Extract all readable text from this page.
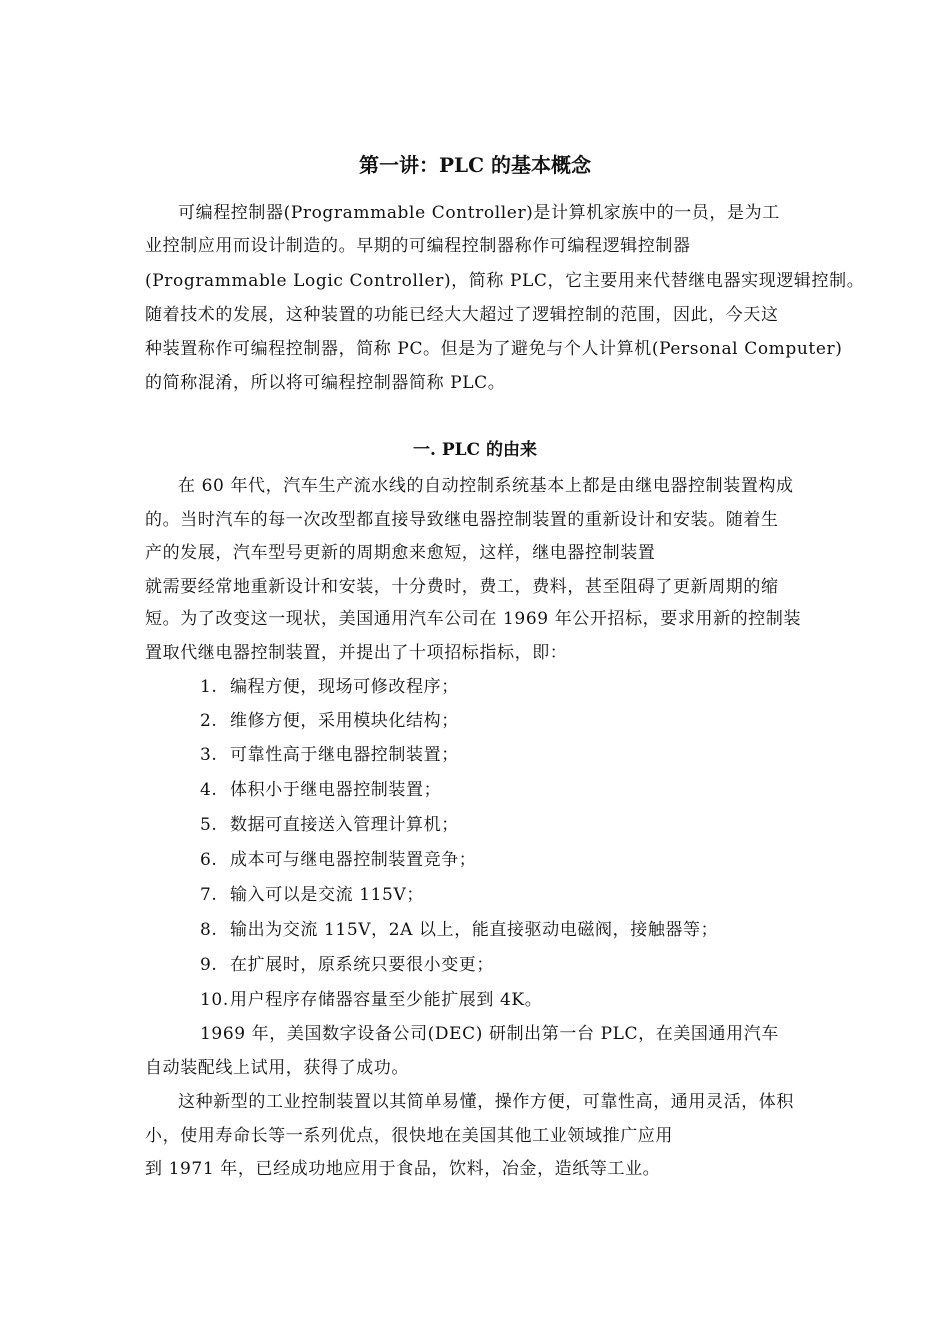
第一讲：PLC 的基本概念
可编程控制器(Programmable Controller)是计算机家族中的一员，是为工
业控制应用而设计制造的。早期的可编程控制器称作可编程逻辑控制器
(Programmable Logic Controller)，简称 PLC，它主要用来代替继电器实现逻辑控制。
随着技术的发展，这种装置的功能已经大大超过了逻辑控制的范围，因此，今天这
种装置称作可编程控制器，简称 PC。但是为了避免与个人计算机(Personal Computer)
的简称混淆，所以将可编程控制器简称 PLC。
一. PLC 的由来
在 60 年代，汽车生产流水线的自动控制系统基本上都是由继电器控制装置构成
的。当时汽车的每一次改型都直接导致继电器控制装置的重新设计和安装。随着生
产的发展，汽车型号更新的周期愈来愈短，这样，继电器控制装置
就需要经常地重新设计和安装，十分费时，费工，费料，甚至阻碍了更新周期的缩
短。为了改变这一现状，美国通用汽车公司在 1969 年公开招标，要求用新的控制装
置取代继电器控制装置，并提出了十项招标指标，即：
1. 编程方便，现场可修改程序；
2. 维修方便，采用模块化结构；
3. 可靠性高于继电器控制装置；
4. 体积小于继电器控制装置；
5. 数据可直接送入管理计算机；
6. 成本可与继电器控制装置竞争；
7. 输入可以是交流 115V；
8. 输出为交流 115V，2A 以上，能直接驱动电磁阀，接触器等；
9. 在扩展时，原系统只要很小变更；
10.用户程序存储器容量至少能扩展到 4K。
1969 年，美国数字设备公司(DEC) 研制出第一台 PLC，在美国通用汽车
自动装配线上试用，获得了成功。
这种新型的工业控制装置以其简单易懂，操作方便，可靠性高，通用灵活，体积
小，使用寿命长等一系列优点，很快地在美国其他工业领域推广应用
到 1971 年，已经成功地应用于食品，饮料，冶金，造纸等工业。
